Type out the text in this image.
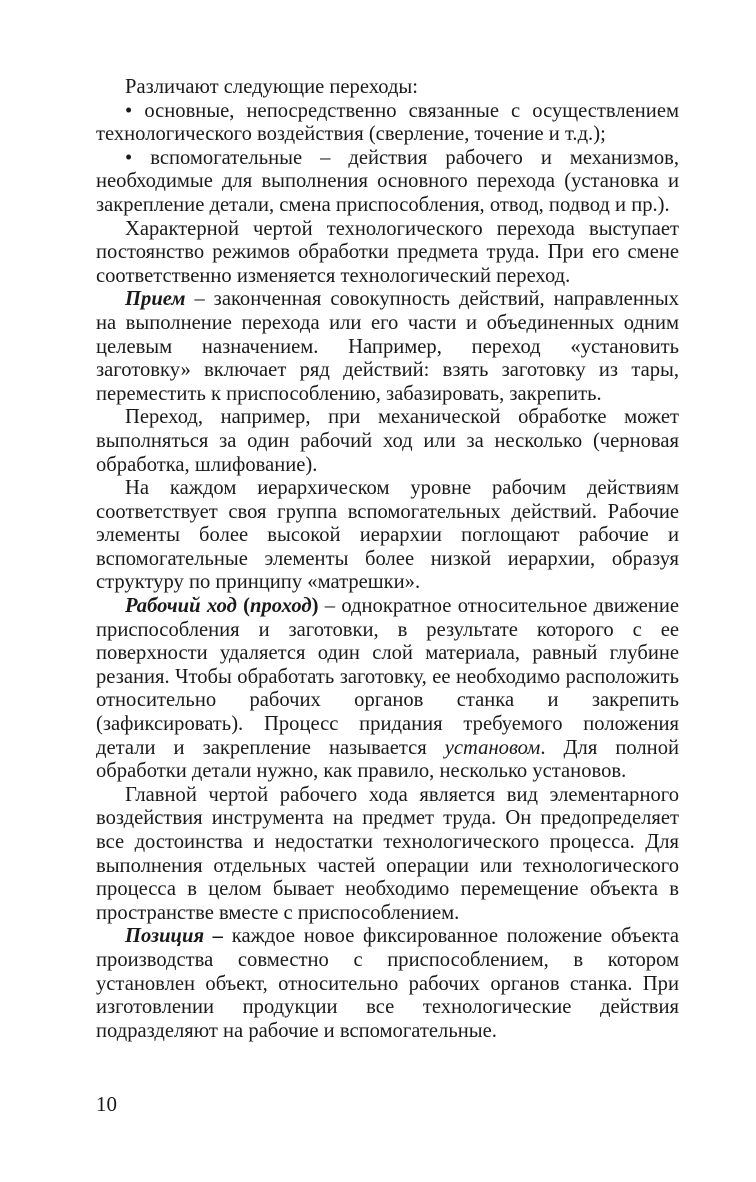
Различают следующие переходы:

• основные, непосредственно связанные с осуществлением технологического воздействия (сверление, точение и т.д.);

• вспомогательные – действия рабочего и механизмов, необходимые для выполнения основного перехода (установка и закрепление детали, смена приспособления, отвод, подвод и пр.).

Характерной чертой технологического перехода выступает постоянство режимов обработки предмета труда. При его смене соответственно изменяется технологический переход.

Прием – законченная совокупность действий, направленных на выполнение перехода или его части и объединенных одним целевым назначением. Например, переход «установить заготовку» включает ряд действий: взять заготовку из тары, переместить к приспособлению, забазировать, закрепить.

Переход, например, при механической обработке может выполняться за один рабочий ход или за несколько (черновая обработка, шлифование).

На каждом иерархическом уровне рабочим действиям соответствует своя группа вспомогательных действий. Рабочие элементы более высокой иерархии поглощают рабочие и вспомогательные элементы более низкой иерархии, образуя структуру по принципу «матрешки».

Рабочий ход (проход) – однократное относительное движение приспособления и заготовки, в результате которого с ее поверхности удаляется один слой материала, равный глубине резания. Чтобы обработать заготовку, ее необходимо расположить относительно рабочих органов станка и закрепить (зафиксировать). Процесс придания требуемого положения детали и закрепление называется установом. Для полной обработки детали нужно, как правило, несколько установов.

Главной чертой рабочего хода является вид элементарного воздействия инструмента на предмет труда. Он предопределяет все достоинства и недостатки технологического процесса. Для выполнения отдельных частей операции или технологического процесса в целом бывает необходимо перемещение объекта в пространстве вместе с приспособлением.

Позиция – каждое новое фиксированное положение объекта производства совместно с приспособлением, в котором установлен объект, относительно рабочих органов станка. При изготовлении продукции все технологические действия подразделяют на рабочие и вспомогательные.

10
